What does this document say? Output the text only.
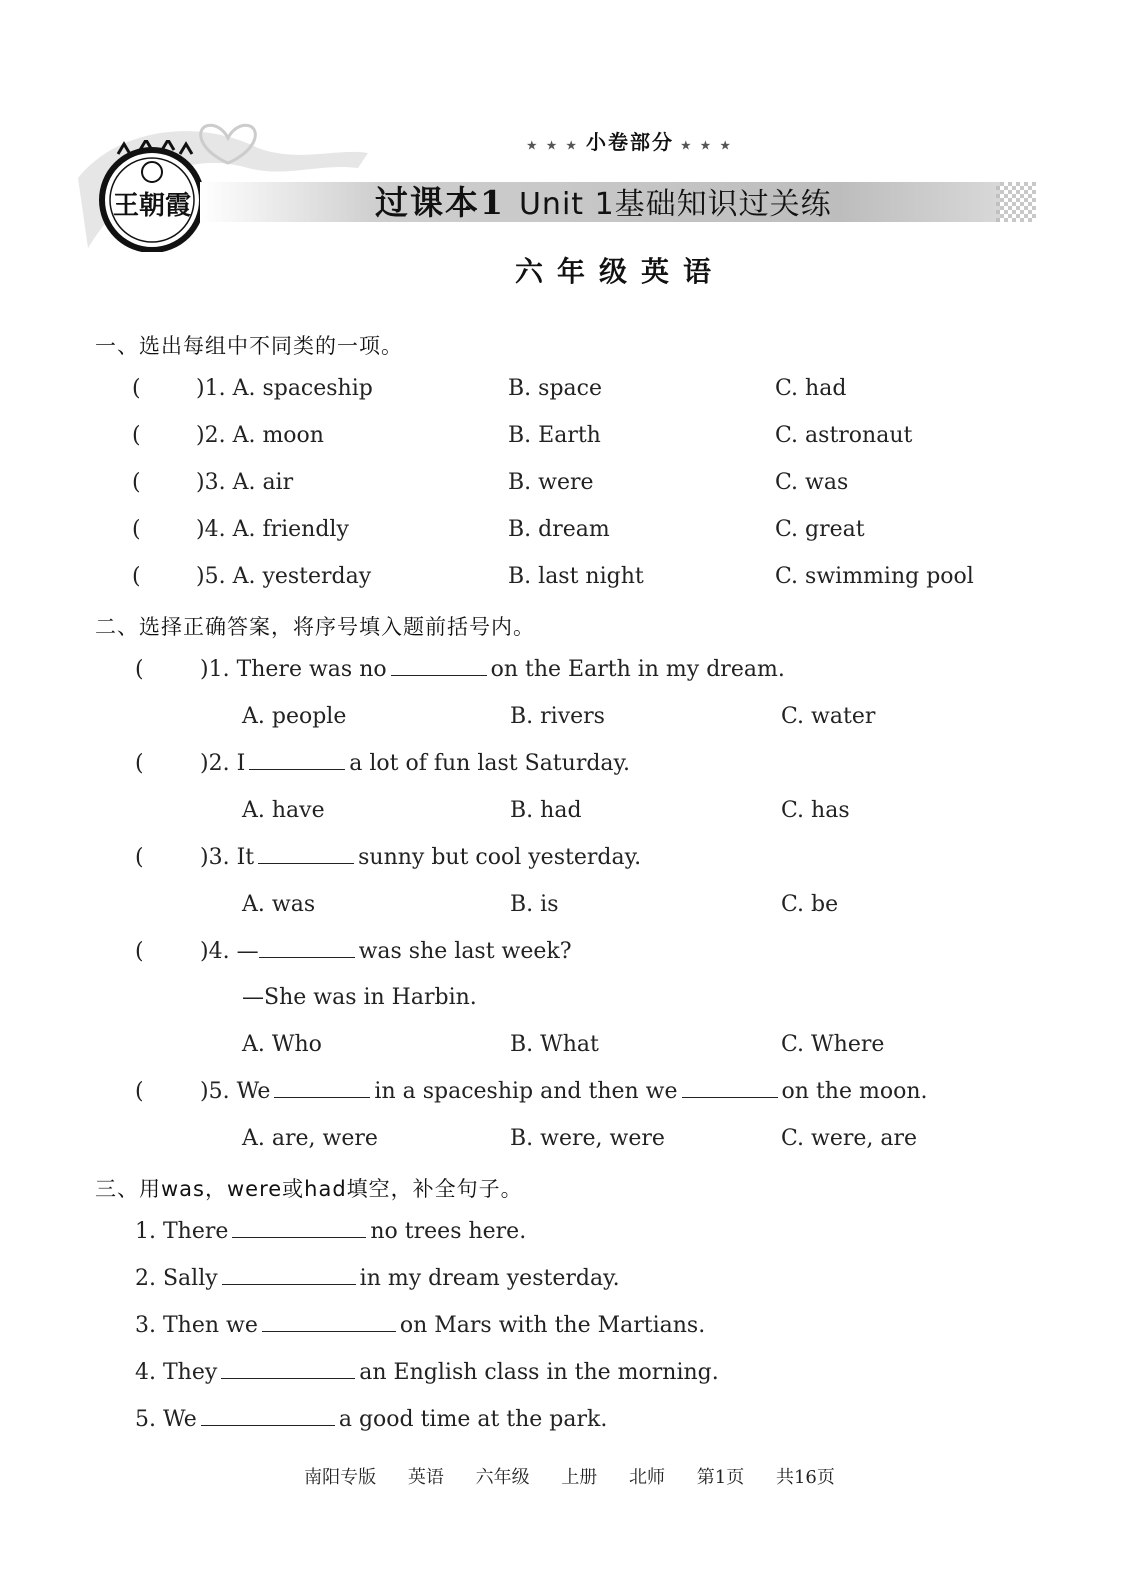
王朝霞
★ ★ ★ 小卷部分 ★ ★ ★
过课本1 Unit 1基础知识过关练
六年级英语
一、选出每组中不同类的一项。
(	)1. A. spaceship	B. space	C. had
(	)2. A. moon	B. Earth	C. astronaut
(	)3. A. air	B. were	C. was
(	)4. A. friendly	B. dream	C. great
(	)5. A. yesterday	B. last night	C. swimming pool
二、选择正确答案，将序号填入题前括号内。
(	)1. There was no	on the Earth in my dream.
A. people	B. rivers	C. water
(	)2. I	a lot of fun last Saturday.
A. have	B. had	C. has
(	)3. It	sunny but cool yesterday.
A. was	B. is	C. be
(	)4. —	was she last week?
—She was in Harbin.
A. Who	B. What	C. Where
(	)5. We	in a spaceship and then we	on the moon.
A. are, were	B. were, were	C. were, are
三、用was，were或had填空，补全句子。
1. There	no trees here.
2. Sally	in my dream yesterday.
3. Then we	on Mars with the Martians.
4. They	an English class in the morning.
5. We	a good time at the park.
南阳专版 英语 六年级 上册 北师 第1页 共16页
